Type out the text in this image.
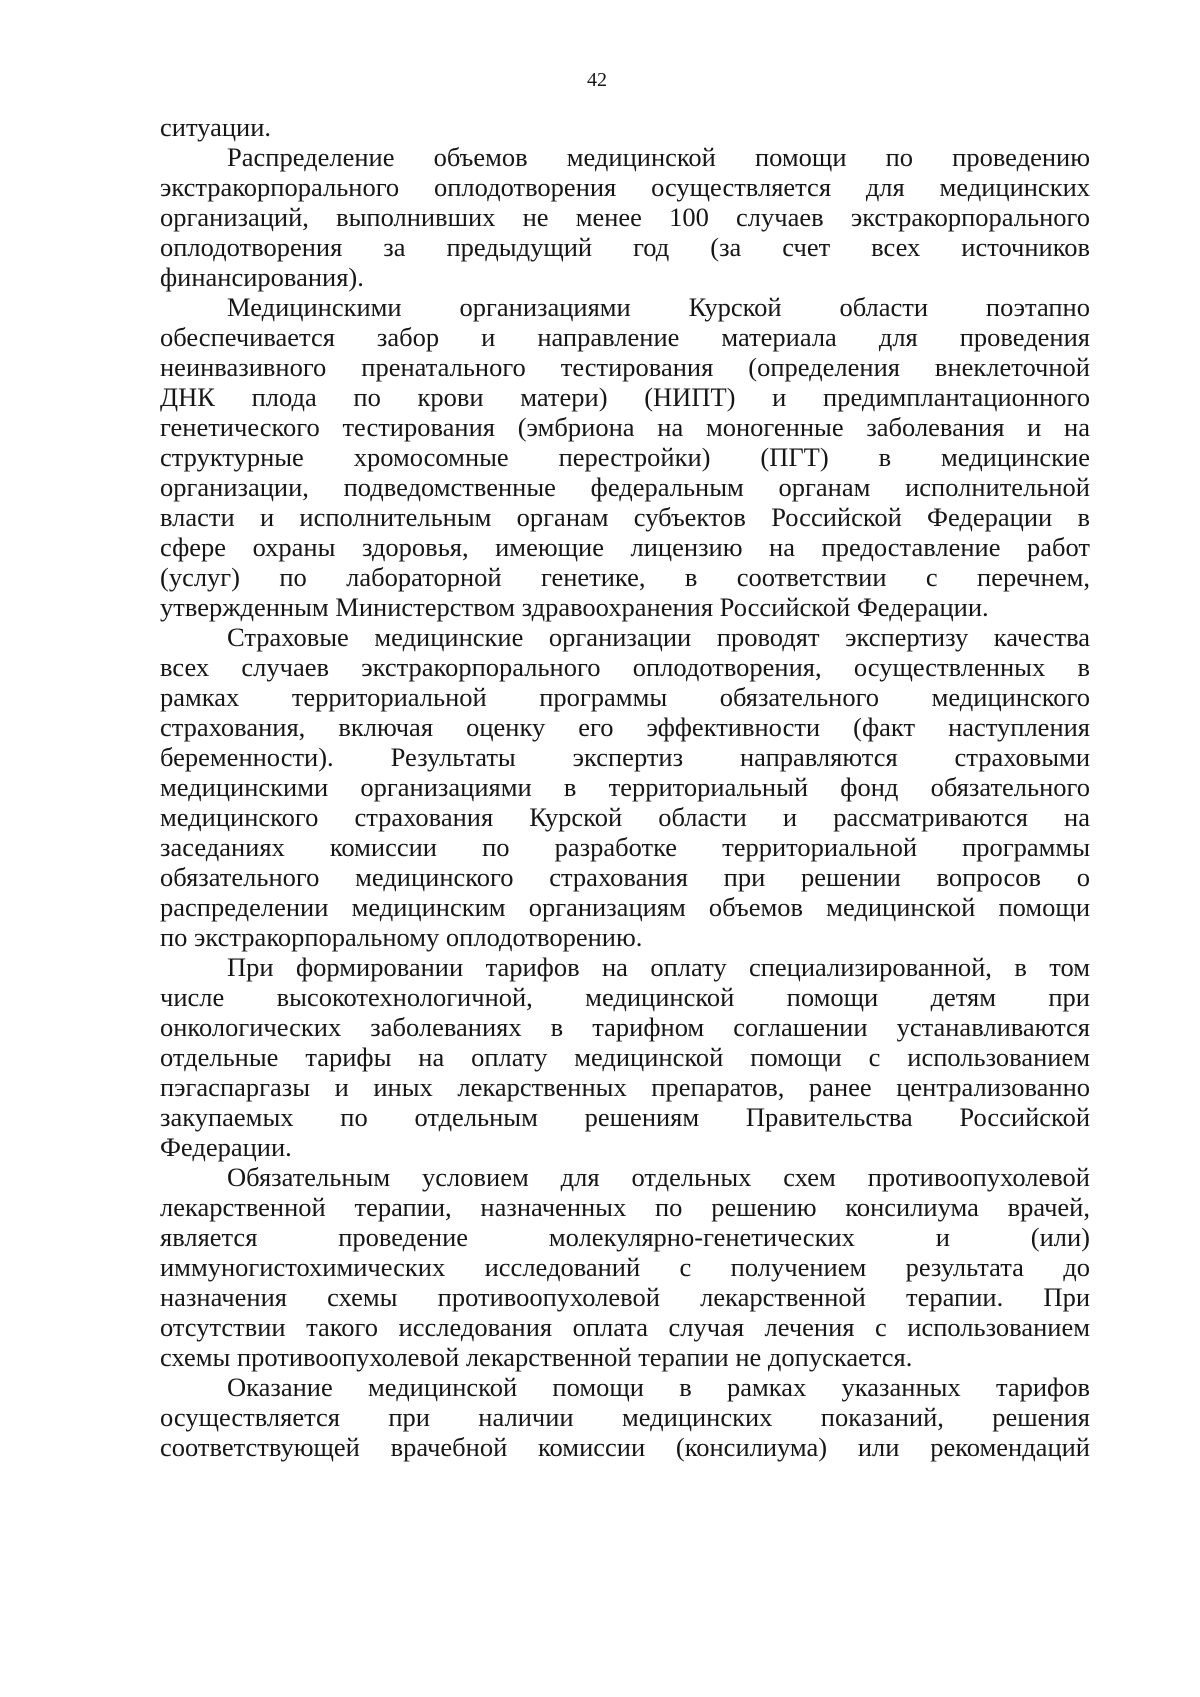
42
ситуации.
Распределение объемов медицинской помощи по проведению
экстракорпорального оплодотворения осуществляется для медицинских
организаций, выполнивших не менее 100 случаев экстракорпорального
оплодотворения за предыдущий год (за счет всех источников
финансирования).
Медицинскими организациями Курской области поэтапно
обеспечивается забор и направление материала для проведения
неинвазивного пренатального тестирования (определения внеклеточной
ДНК плода по крови матери) (НИПТ) и предимплантационного
генетического тестирования (эмбриона на моногенные заболевания и на
структурные хромосомные перестройки) (ПГТ) в медицинские
организации, подведомственные федеральным органам исполнительной
власти и исполнительным органам субъектов Российской Федерации в
сфере охраны здоровья, имеющие лицензию на предоставление работ
(услуг) по лабораторной генетике, в соответствии с перечнем,
утвержденным Министерством здравоохранения Российской Федерации.
Страховые медицинские организации проводят экспертизу качества
всех случаев экстракорпорального оплодотворения, осуществленных в
рамках территориальной программы обязательного медицинского
страхования, включая оценку его эффективности (факт наступления
беременности). Результаты экспертиз направляются страховыми
медицинскими организациями в территориальный фонд обязательного
медицинского страхования Курской области и рассматриваются на
заседаниях комиссии по разработке территориальной программы
обязательного медицинского страхования при решении вопросов о
распределении медицинским организациям объемов медицинской помощи
по экстракорпоральному оплодотворению.
При формировании тарифов на оплату специализированной, в том
числе высокотехнологичной, медицинской помощи детям при
онкологических заболеваниях в тарифном соглашении устанавливаются
отдельные тарифы на оплату медицинской помощи с использованием
пэгаспаргазы и иных лекарственных препаратов, ранее централизованно
закупаемых по отдельным решениям Правительства Российской
Федерации.
Обязательным условием для отдельных схем противоопухолевой
лекарственной терапии, назначенных по решению консилиума врачей,
является проведение молекулярно-генетических и (или)
иммуногистохимических исследований с получением результата до
назначения схемы противоопухолевой лекарственной терапии. При
отсутствии такого исследования оплата случая лечения с использованием
схемы противоопухолевой лекарственной терапии не допускается.
Оказание медицинской помощи в рамках указанных тарифов
осуществляется при наличии медицинских показаний, решения
соответствующей врачебной комиссии (консилиума) или рекомендаций
